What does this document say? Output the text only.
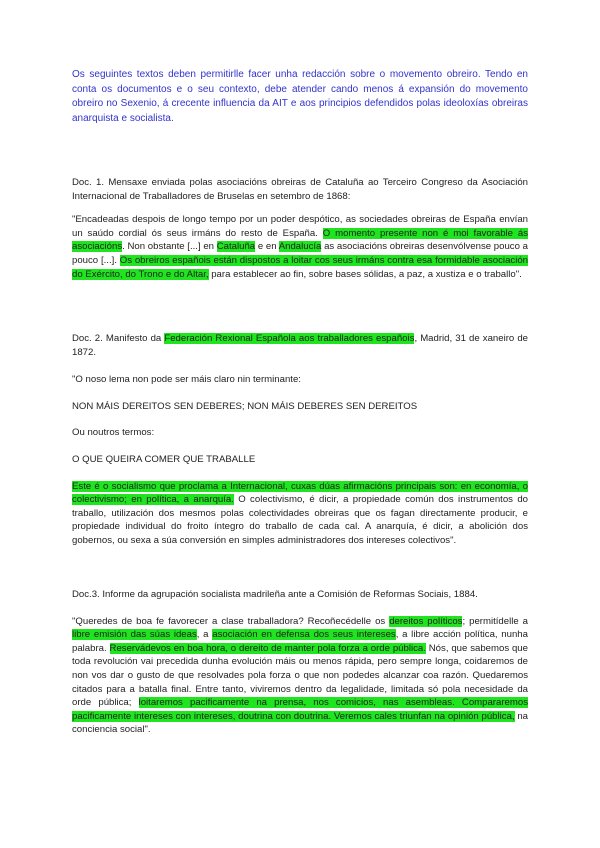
Os seguintes textos deben permitirlle facer unha redacción sobre o movemento obreiro. Tendo en conta os documentos e o seu contexto, debe atender cando menos á expansión do movemento obreiro no Sexenio, á crecente influencia da AIT e aos principios defendidos polas ideoloxías obreiras anarquista e socialista.
Doc. 1. Mensaxe enviada polas asociacións obreiras de Cataluña ao Terceiro Congreso da Asociación Internacional de Traballadores de Bruselas en setembro de 1868:
"Encadeadas despois de longo tempo por un poder despótico, as sociedades obreiras de España envían un saúdo cordial ós seus irmáns do resto de España. O momento presente non é moi favorable ás asociacións. Non obstante [...] en Cataluña e en Andalucía as asociacións obreiras desenvólvense pouco a pouco [...]. Os obreiros españois están dispostos a loitar cos seus irmáns contra esa formidable asociación do Exército, do Trono e do Altar, para establecer ao fin, sobre bases sólidas, a paz, a xustiza e o traballo".
Doc. 2. Manifesto da Federación Rexional Española aos traballadores españois, Madrid, 31 de xaneiro de 1872.
"O noso lema non pode ser máis claro nin terminante:
NON MÁIS DEREITOS SEN DEBERES; NON MÁIS DEBERES SEN DEREITOS
Ou noutros termos:
O QUE QUEIRA COMER QUE TRABALLE
Este é o socialismo que proclama a Internacional, cuxas dúas afirmacións principais son: en economía, o colectivismo; en política, a anarquía. O colectivismo, é dicir, a propiedade común dos instrumentos do traballo, utilización dos mesmos polas colectividades obreiras que os fagan directamente producir, e propiedade individual do froito íntegro do traballo de cada cal. A anarquía, é dicir, a abolición dos gobernos, ou sexa a súa conversión en simples administradores dos intereses colectivos".
Doc.3. Informe da agrupación socialista madrileña ante a Comisión de Reformas Sociais, 1884.
"Queredes de boa fe favorecer a clase traballadora? Recoñecédelle os dereitos políticos; permitídelle a libre emisión das súas ideas, a asociación en defensa dos seus intereses, a libre acción política, nunha palabra. Reservádevos en boa hora, o dereito de manter pola forza a orde pública. Nós, que sabemos que toda revolución vai precedida dunha evolución máis ou menos rápida, pero sempre longa, coidaremos de non vos dar o gusto de que resolvades pola forza o que non podedes alcanzar coa razón. Quedaremos citados para a batalla final. Entre tanto, viviremos dentro da legalidade, limitada só pola necesidade da orde pública; loitaremos pacificamente na prensa, nos comicios, nas asembleas. Compararemos pacificamente intereses con intereses, doutrina con doutrina. Veremos cales triunfan na opinión pública, na conciencia social".
